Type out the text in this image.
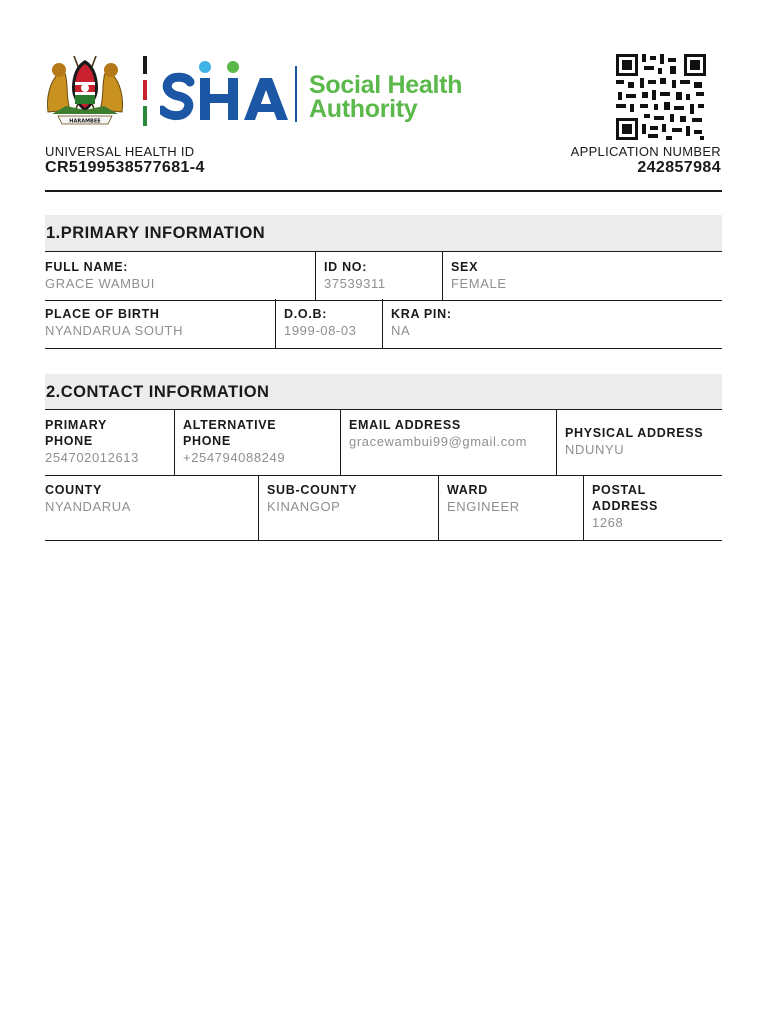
HARAMBEE
Social Health
Authority
UNIVERSAL HEALTH ID
CR5199538577681-4
APPLICATION NUMBER
242857984
1.PRIMARY INFORMATION
FULL NAME:
GRACE WAMBUI
ID NO:
37539311
SEX
FEMALE
PLACE OF BIRTH
NYANDARUA SOUTH
D.O.B:
1999-08-03
KRA PIN:
NA
2.CONTACT INFORMATION
PRIMARY
PHONE
254702012613
ALTERNATIVE
PHONE
+254794088249
EMAIL ADDRESS
gracewambui99@gmail.com
PHYSICAL ADDRESS
NDUNYU
COUNTY
NYANDARUA
SUB-COUNTY
KINANGOP
WARD
ENGINEER
POSTAL
ADDRESS
1268
